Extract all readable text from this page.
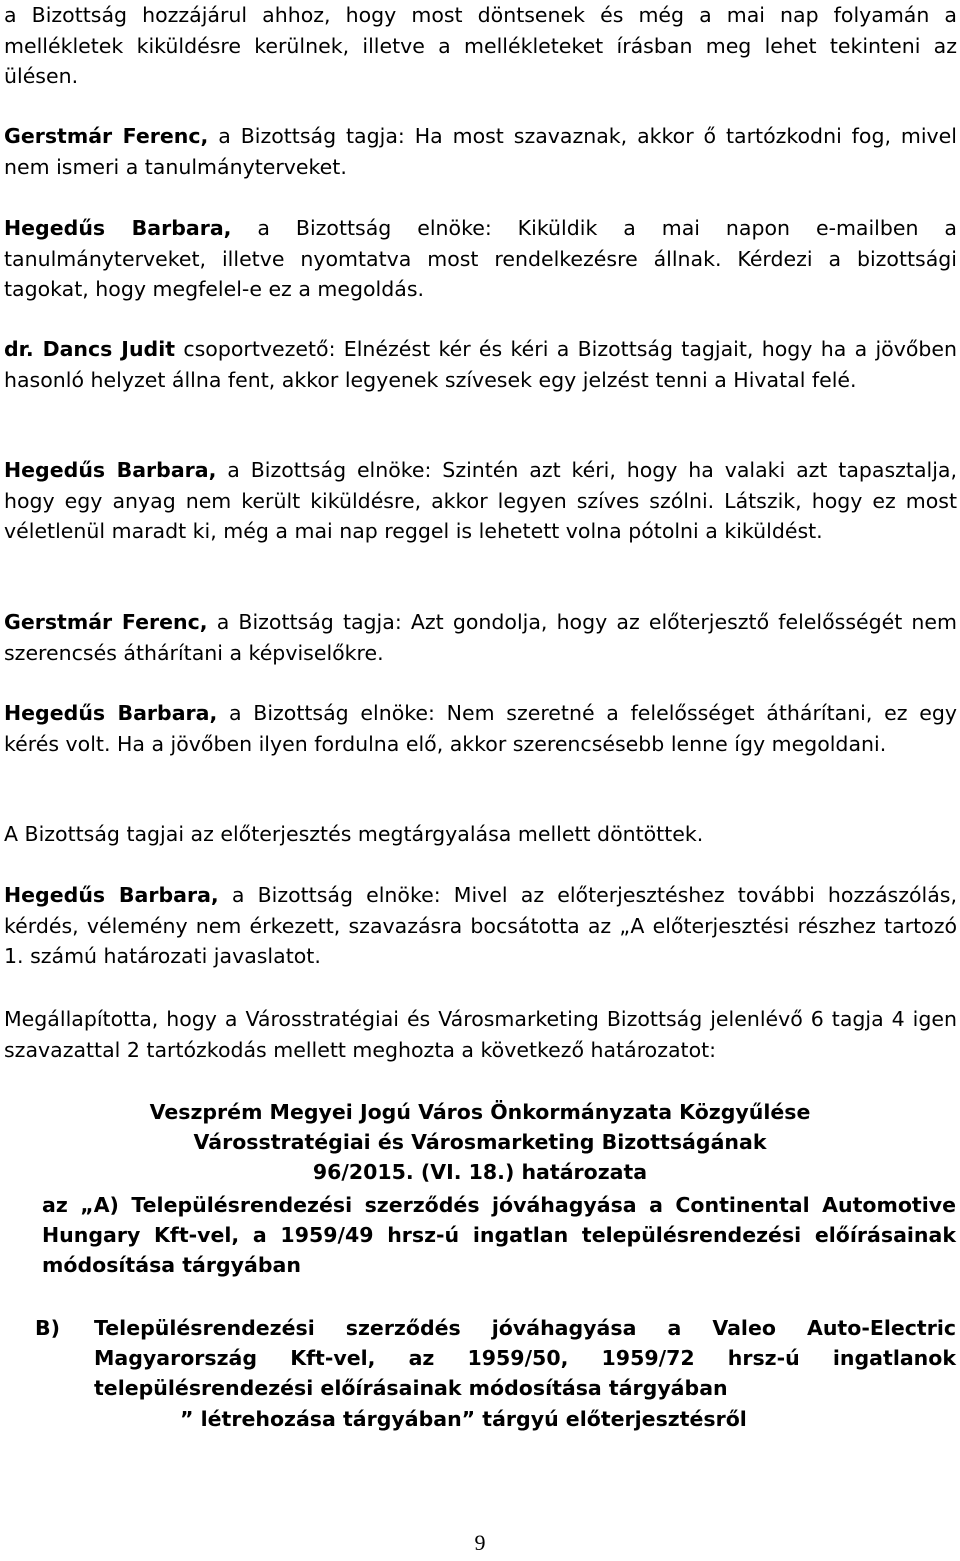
a Bizottság hozzájárul ahhoz, hogy most döntsenek és még a mai nap folyamán a mellékletek kiküldésre kerülnek, illetve a mellékleteket írásban meg lehet tekinteni az ülésen.

Gerstmár Ferenc, a Bizottság tagja: Ha most szavaznak, akkor ő tartózkodni fog, mivel nem ismeri a tanulmányterveket.

Hegedűs Barbara, a Bizottság elnöke: Kiküldik a mai napon e-mailben a tanulmányterveket, illetve nyomtatva most rendelkezésre állnak. Kérdezi a bizottsági tagokat, hogy megfelel-e ez a megoldás.

dr. Dancs Judit csoportvezető: Elnézést kér és kéri a Bizottság tagjait, hogy ha a jövőben hasonló helyzet állna fent, akkor legyenek szívesek egy jelzést tenni a Hivatal felé.

Hegedűs Barbara, a Bizottság elnöke: Szintén azt kéri, hogy ha valaki azt tapasztalja, hogy egy anyag nem került kiküldésre, akkor legyen szíves szólni. Látszik, hogy ez most véletlenül maradt ki, még a mai nap reggel is lehetett volna pótolni a kiküldést.

Gerstmár Ferenc, a Bizottság tagja: Azt gondolja, hogy az előterjesztő felelősségét nem szerencsés áthárítani a képviselőkre.

Hegedűs Barbara, a Bizottság elnöke: Nem szeretné a felelősséget áthárítani, ez egy kérés volt. Ha a jövőben ilyen fordulna elő, akkor szerencsésebb lenne így megoldani.

A Bizottság tagjai az előterjesztés megtárgyalása mellett döntöttek.

Hegedűs Barbara, a Bizottság elnöke: Mivel az előterjesztéshez további hozzászólás, kérdés, vélemény nem érkezett, szavazásra bocsátotta az „A előterjesztési részhez tartozó 1. számú határozati javaslatot.

Megállapította, hogy a Városstratégiai és Városmarketing Bizottság jelenlévő 6 tagja 4 igen szavazattal 2 tartózkodás mellett meghozta a következő határozatot:

Veszprém Megyei Jogú Város Önkormányzata Közgyűlése
Városstratégiai és Városmarketing Bizottságának
96/2015. (VI. 18.) határozata
az „A) Településrendezési szerződés jóváhagyása a Continental Automotive Hungary Kft-vel, a 1959/49 hrsz-ú ingatlan településrendezési előírásainak módosítása tárgyában
B) Településrendezési szerződés jóváhagyása a Valeo Auto-Electric Magyarország Kft-vel, az 1959/50, 1959/72 hrsz-ú ingatlanok településrendezési előírásainak módosítása tárgyában
” létrehozása tárgyában” tárgyú előterjesztésről
9
